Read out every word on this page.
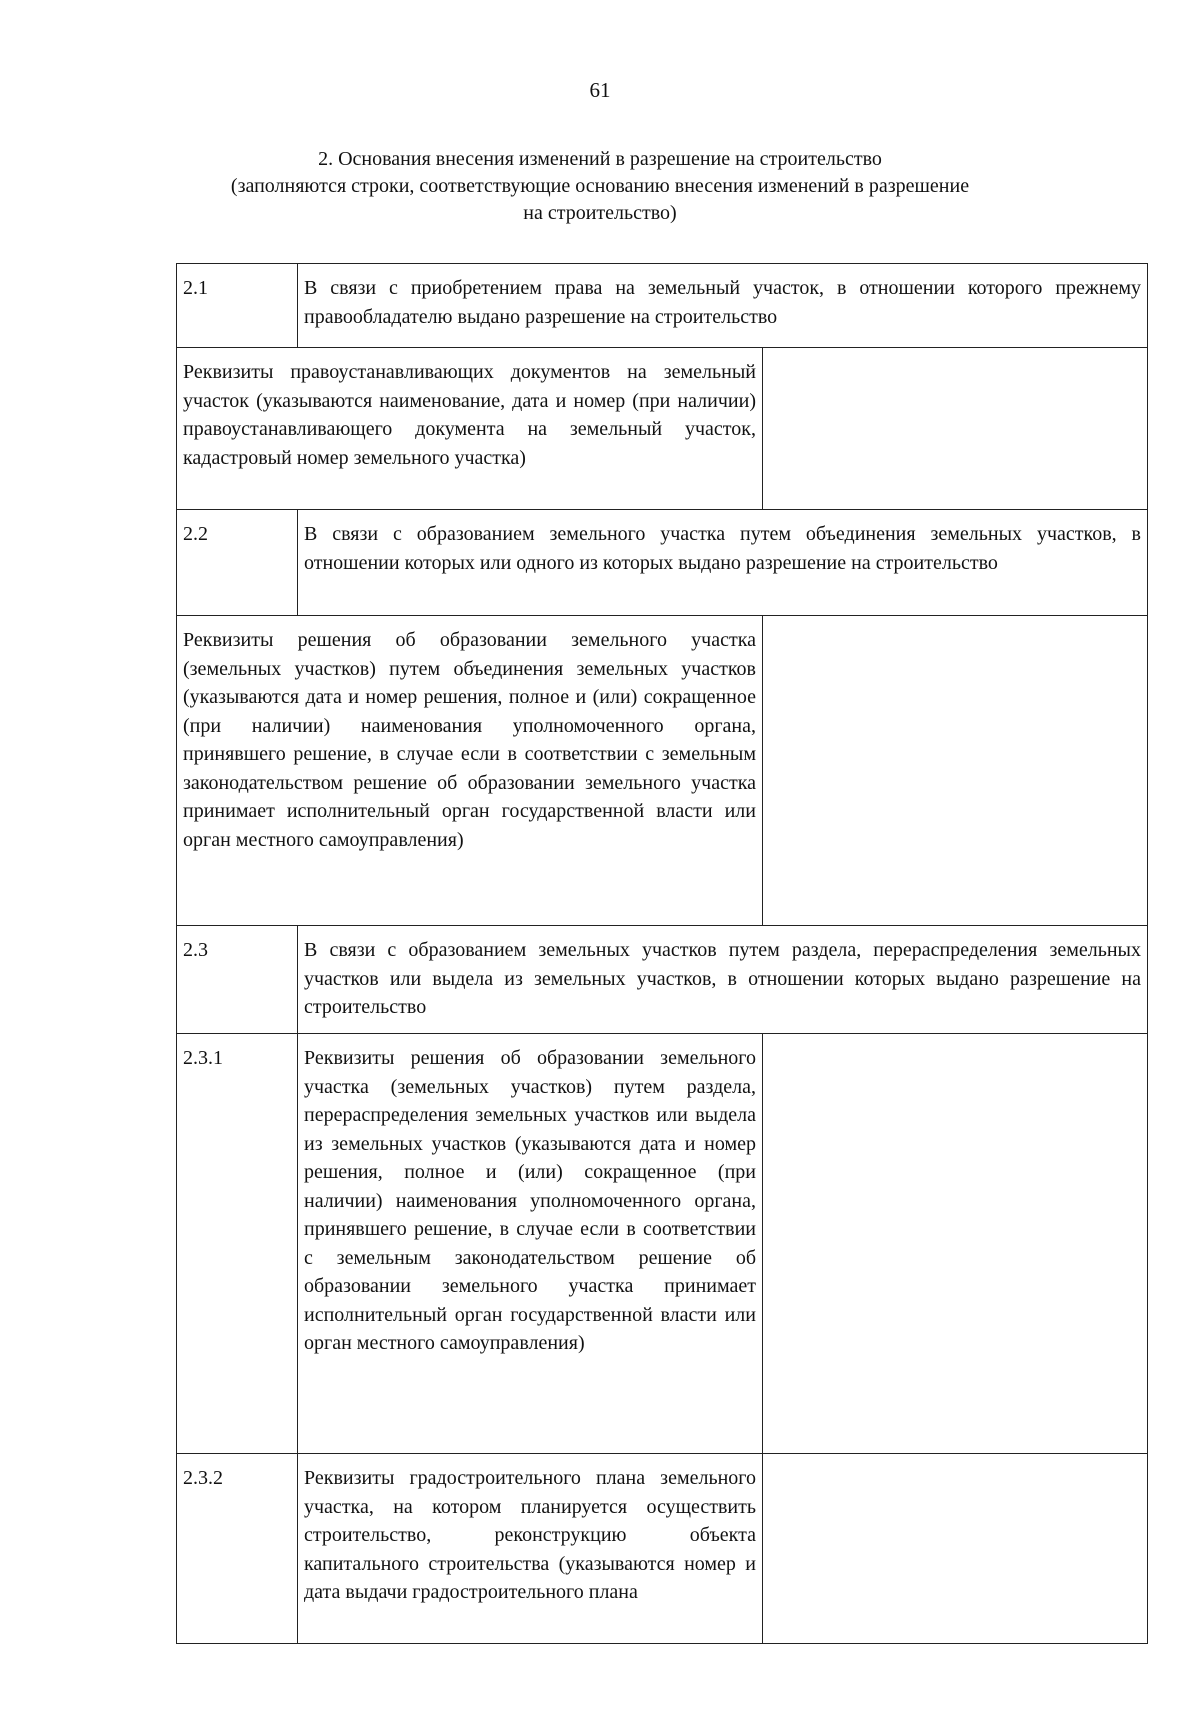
61
2. Основания внесения изменений в разрешение на строительство
(заполняются строки, соответствующие основанию внесения изменений в разрешение
на строительство)
2.1	В связи с приобретением права на земельный участок, в отношении которого прежнему правообладателю выдано разрешение на строительство	
Реквизиты правоустанавливающих документов на земельный участок (указываются наименование, дата и номер (при наличии) правоустанавливающего документа на земельный участок, кадастровый номер земельного участка)		
2.2	В связи с образованием земельного участка путем объединения земельных участков, в отношении которых или одного из которых выдано разрешение на строительство	
Реквизиты решения об образовании земельного участка (земельных участков) путем объединения земельных участков (указываются дата и номер решения, полное и (или) сокращенное (при наличии) наименования уполномоченного органа, принявшего решение, в случае если в соответствии с земельным законодательством решение об образовании земельного участка принимает исполнительный орган государственной власти или орган местного самоуправления)		
2.3	В связи с образованием земельных участков путем раздела, перераспределения земельных участков или выдела из земельных участков, в отношении которых выдано разрешение на строительство	
2.3.1	Реквизиты решения об образовании земельного участка (земельных участков) путем раздела, перераспределения земельных участков или выдела из земельных участков (указываются дата и номер решения, полное и (или) сокращенное (при наличии) наименования уполномоченного органа, принявшего решение, в случае если в соответствии с земельным законодательством решение об образовании земельного участка принимает исполнительный орган государственной власти или орган местного самоуправления)	
2.3.2	Реквизиты градостроительного плана земельного участка, на котором планируется осуществить строительство, реконструкцию объекта капитального строительства (указываются номер и дата выдачи градостроительного плана	
